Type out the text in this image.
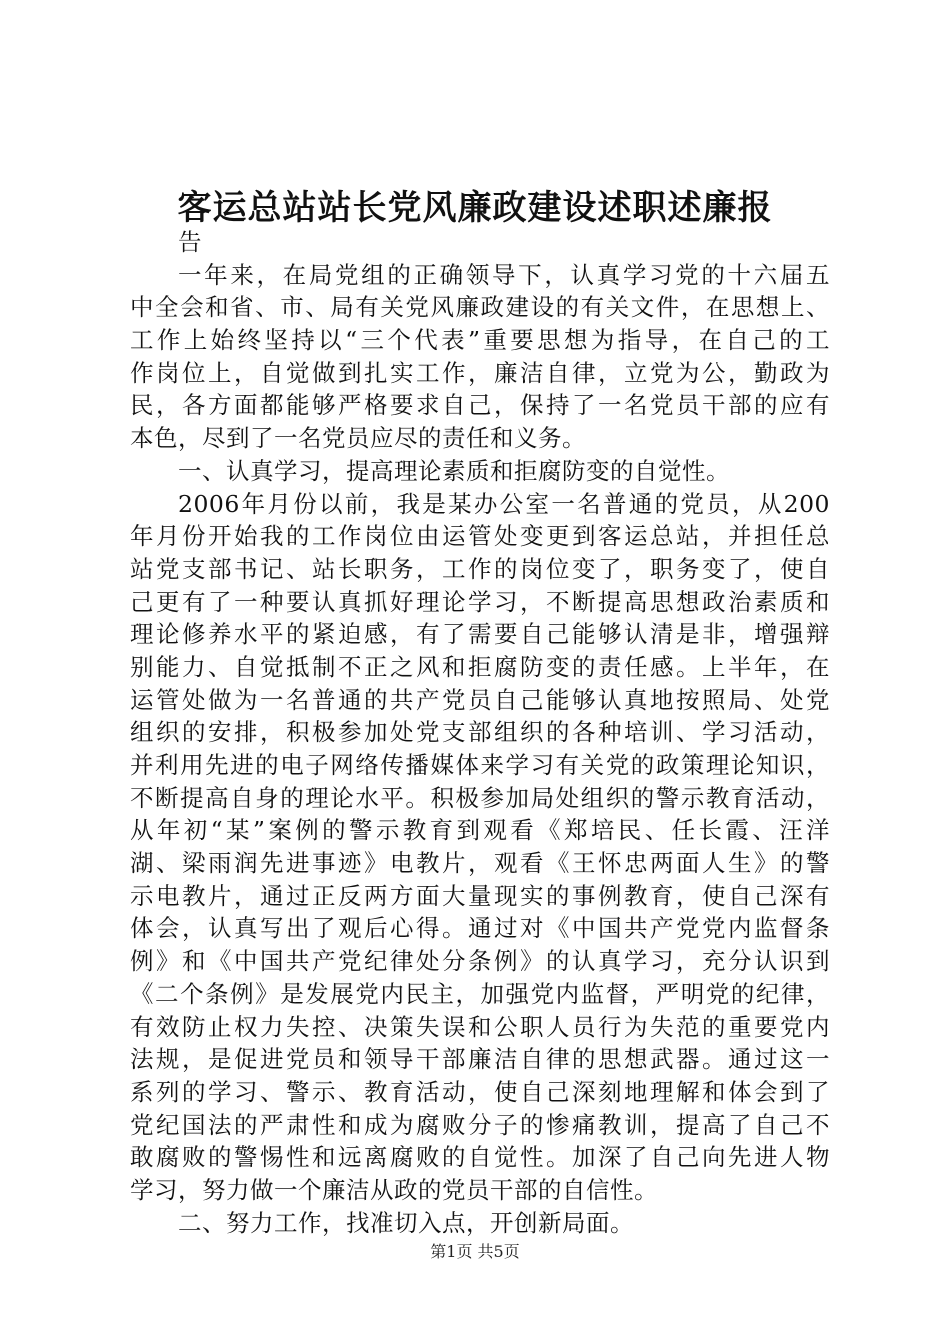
客运总站站长党风廉政建设述职述廉报
告
一年来，在局党组的正确领导下，认真学习党的十六届五
中全会和省、市、局有关党风廉政建设的有关文件，在思想上、
工作上始终坚持以“三个代表”重要思想为指导，在自己的工
作岗位上，自觉做到扎实工作，廉洁自律，立党为公，勤政为
民，各方面都能够严格要求自己，保持了一名党员干部的应有
本色，尽到了一名党员应尽的责任和义务。
一、认真学习，提高理论素质和拒腐防变的自觉性。
2006年月份以前，我是某办公室一名普通的党员，从200
年月份开始我的工作岗位由运管处变更到客运总站，并担任总
站党支部书记、站长职务，工作的岗位变了，职务变了，使自
己更有了一种要认真抓好理论学习，不断提高思想政治素质和
理论修养水平的紧迫感，有了需要自己能够认清是非，增强辩
别能力、自觉抵制不正之风和拒腐防变的责任感。上半年，在
运管处做为一名普通的共产党员自己能够认真地按照局、处党
组织的安排，积极参加处党支部组织的各种培训、学习活动，
并利用先进的电子网络传播媒体来学习有关党的政策理论知识，
不断提高自身的理论水平。积极参加局处组织的警示教育活动，
从年初“某”案例的警示教育到观看《郑培民、任长霞、汪洋
湖、梁雨润先进事迹》电教片，观看《王怀忠两面人生》的警
示电教片，通过正反两方面大量现实的事例教育，使自己深有
体会，认真写出了观后心得。通过对《中国共产党党内监督条
例》和《中国共产党纪律处分条例》的认真学习，充分认识到
《二个条例》是发展党内民主，加强党内监督，严明党的纪律，
有效防止权力失控、决策失误和公职人员行为失范的重要党内
法规，是促进党员和领导干部廉洁自律的思想武器。通过这一
系列的学习、警示、教育活动，使自己深刻地理解和体会到了
党纪国法的严肃性和成为腐败分子的惨痛教训，提高了自己不
敢腐败的警惕性和远离腐败的自觉性。加深了自己向先进人物
学习，努力做一个廉洁从政的党员干部的自信性。
二、努力工作，找准切入点，开创新局面。
第1页 共5页
